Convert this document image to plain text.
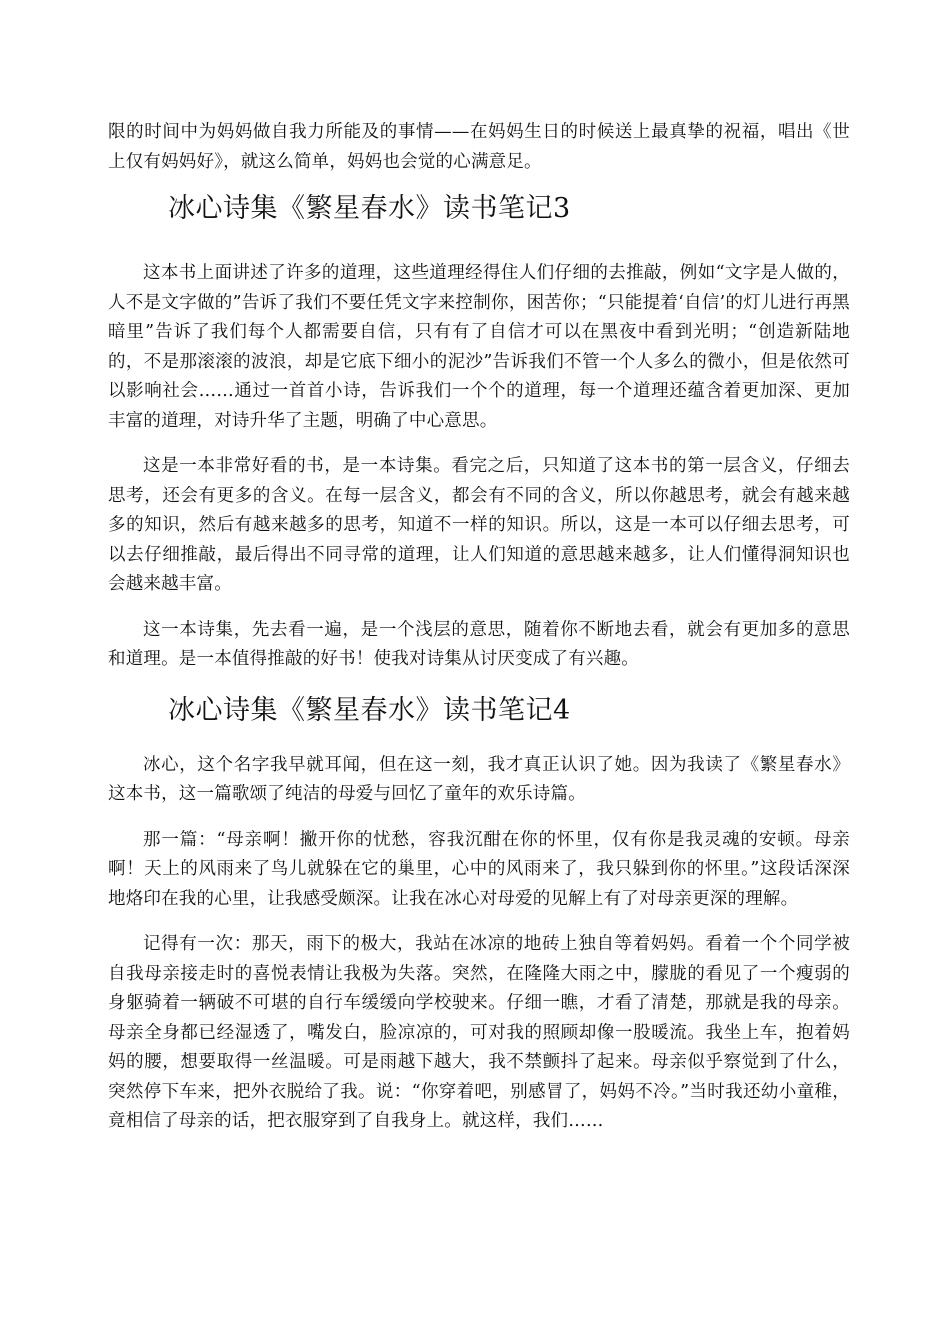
限的时间中为妈妈做自我力所能及的事情——在妈妈生日的时候送上最真挚的祝福，唱出《世上仅有妈妈好》，就这么简单，妈妈也会觉的心满意足。

冰心诗集《繁星春水》读书笔记3

这本书上面讲述了许多的道理，这些道理经得住人们仔细的去推敲，例如“文字是人做的，人不是文字做的”告诉了我们不要任凭文字来控制你，困苦你；“只能提着‘自信’的灯儿进行再黑暗里”告诉了我们每个人都需要自信，只有有了自信才可以在黑夜中看到光明；“创造新陆地的，不是那滚滚的波浪，却是它底下细小的泥沙”告诉我们不管一个人多么的微小，但是依然可以影响社会……通过一首首小诗，告诉我们一个个的道理，每一个道理还蕴含着更加深、更加丰富的道理，对诗升华了主题，明确了中心意思。

这是一本非常好看的书，是一本诗集。看完之后，只知道了这本书的第一层含义，仔细去思考，还会有更多的含义。在每一层含义，都会有不同的含义，所以你越思考，就会有越来越多的知识，然后有越来越多的思考，知道不一样的知识。所以，这是一本可以仔细去思考，可以去仔细推敲，最后得出不同寻常的道理，让人们知道的意思越来越多，让人们懂得洞知识也会越来越丰富。

这一本诗集，先去看一遍，是一个浅层的意思，随着你不断地去看，就会有更加多的意思和道理。是一本值得推敲的好书！使我对诗集从讨厌变成了有兴趣。

冰心诗集《繁星春水》读书笔记4

冰心，这个名字我早就耳闻，但在这一刻，我才真正认识了她。因为我读了《繁星春水》这本书，这一篇歌颂了纯洁的母爱与回忆了童年的欢乐诗篇。

那一篇：“母亲啊！撇开你的忧愁，容我沉酣在你的怀里，仅有你是我灵魂的安顿。母亲啊！天上的风雨来了鸟儿就躲在它的巢里，心中的风雨来了，我只躲到你的怀里。”这段话深深地烙印在我的心里，让我感受颇深。让我在冰心对母爱的见解上有了对母亲更深的理解。

记得有一次：那天，雨下的极大，我站在冰凉的地砖上独自等着妈妈。看着一个个同学被自我母亲接走时的喜悦表情让我极为失落。突然，在隆隆大雨之中，朦胧的看见了一个瘦弱的身躯骑着一辆破不可堪的自行车缓缓向学校驶来。仔细一瞧，才看了清楚，那就是我的母亲。母亲全身都已经湿透了，嘴发白，脸凉凉的，可对我的照顾却像一股暖流。我坐上车，抱着妈妈的腰，想要取得一丝温暖。可是雨越下越大，我不禁颤抖了起来。母亲似乎察觉到了什么，突然停下车来，把外衣脱给了我。说：“你穿着吧，别感冒了，妈妈不冷。”当时我还幼小童稚，竟相信了母亲的话，把衣服穿到了自我身上。就这样，我们……
